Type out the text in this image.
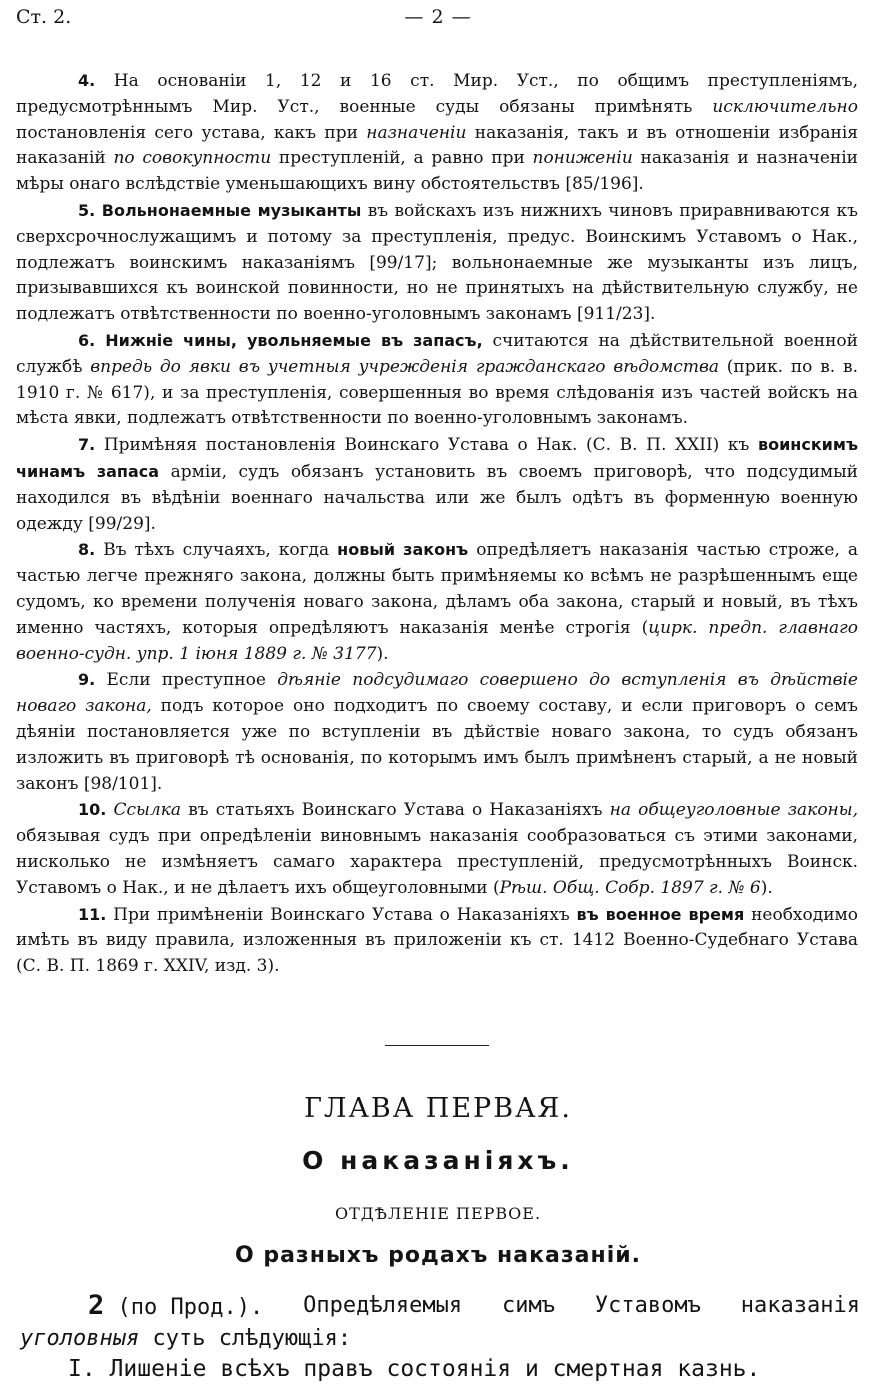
Ст. 2.	— 2 —

4. На основаніи 1, 12 и 16 ст. Мир. Уст., по общимъ преступленіямъ, предусмотрѣннымъ Мир. Уст., военные суды обязаны примѣнять исключительно постановленія сего устава, какъ при назначеніи наказанія, такъ и въ отношеніи избранія наказаній по совокупности преступленій, а равно при пониженіи наказанія и назначеніи мѣры онаго вслѣдствіе уменьшающихъ вину обстоятельствъ [85/196].

5. Вольнонаемные музыканты въ войскахъ изъ нижнихъ чиновъ приравниваются къ сверхсрочнослужащимъ и потому за преступленія, предус. Воинскимъ Уставомъ о Нак., подлежатъ воинскимъ наказаніямъ [99/17]; вольнонаемные же музыканты изъ лицъ, призывавшихся къ воинской повинности, но не принятыхъ на дѣйствительную службу, не подлежатъ отвѣтственности по военно-уголовнымъ законамъ [911/23].

6. Нижніе чины, увольняемые въ запасъ, считаются на дѣйствительной военной службѣ впредь до явки въ учетныя учрежденія гражданскаго вѣдомства (прик. по в. в. 1910 г. № 617), и за преступленія, совершенныя во время слѣдованія изъ частей войскъ на мѣста явки, подлежатъ отвѣтственности по военно-уголовнымъ законамъ.

7. Примѣняя постановленія Воинскаго Устава о Нак. (С. В. П. XXII) къ воинскимъ чинамъ запаса арміи, судъ обязанъ установить въ своемъ приговорѣ, что подсудимый находился въ вѣдѣніи военнаго начальства или же былъ одѣтъ въ форменную военную одежду [99/29].

8. Въ тѣхъ случаяхъ, когда новый законъ опредѣляетъ наказанія частью строже, а частью легче прежняго закона, должны быть примѣняемы ко всѣмъ не разрѣшеннымъ еще судомъ, ко времени полученія новаго закона, дѣламъ оба закона, старый и новый, въ тѣхъ именно частяхъ, которыя опредѣляютъ наказанія менѣе строгія (цирк. предп. главнаго военно-судн. упр. 1 іюня 1889 г. № 3177).

9. Если преступное дѣяніе подсудимаго совершено до вступленія въ дѣйствіе новаго закона, подъ которое оно подходитъ по своему составу, и если приговоръ о семъ дѣяніи постановляется уже по вступленіи въ дѣйствіе новаго закона, то судъ обязанъ изложить въ приговорѣ тѣ основанія, по которымъ имъ былъ примѣненъ старый, а не новый законъ [98/101].

10. Ссылка въ статьяхъ Воинскаго Устава о Наказаніяхъ на общеуголовные законы, обязывая судъ при опредѣленіи виновнымъ наказанія сообразоваться съ этими законами, нисколько не измѣняетъ самаго характера преступленій, предусмотрѣнныхъ Воинск. Уставомъ о Нак., и не дѣлаетъ ихъ общеуголовными (Рѣш. Общ. Собр. 1897 г. № 6).

11. При примѣненіи Воинскаго Устава о Наказаніяхъ въ военное время необходимо имѣть въ виду правила, изложенныя въ приложеніи къ ст. 1412 Военно-Судебнаго Устава (С. В. П. 1869 г. XXIV, изд. 3).

ГЛАВА ПЕРВАЯ.
О наказаніяхъ.
ОТДѢЛЕНІЕ ПЕРВОЕ.
О разныхъ родахъ наказаній.
2 (по Прод.). Опредѣляемыя симъ Уставомъ наказанія
уголовныя суть слѣдующія:
I. Лишеніе всѣхъ правъ состоянія и смертная казнь.
